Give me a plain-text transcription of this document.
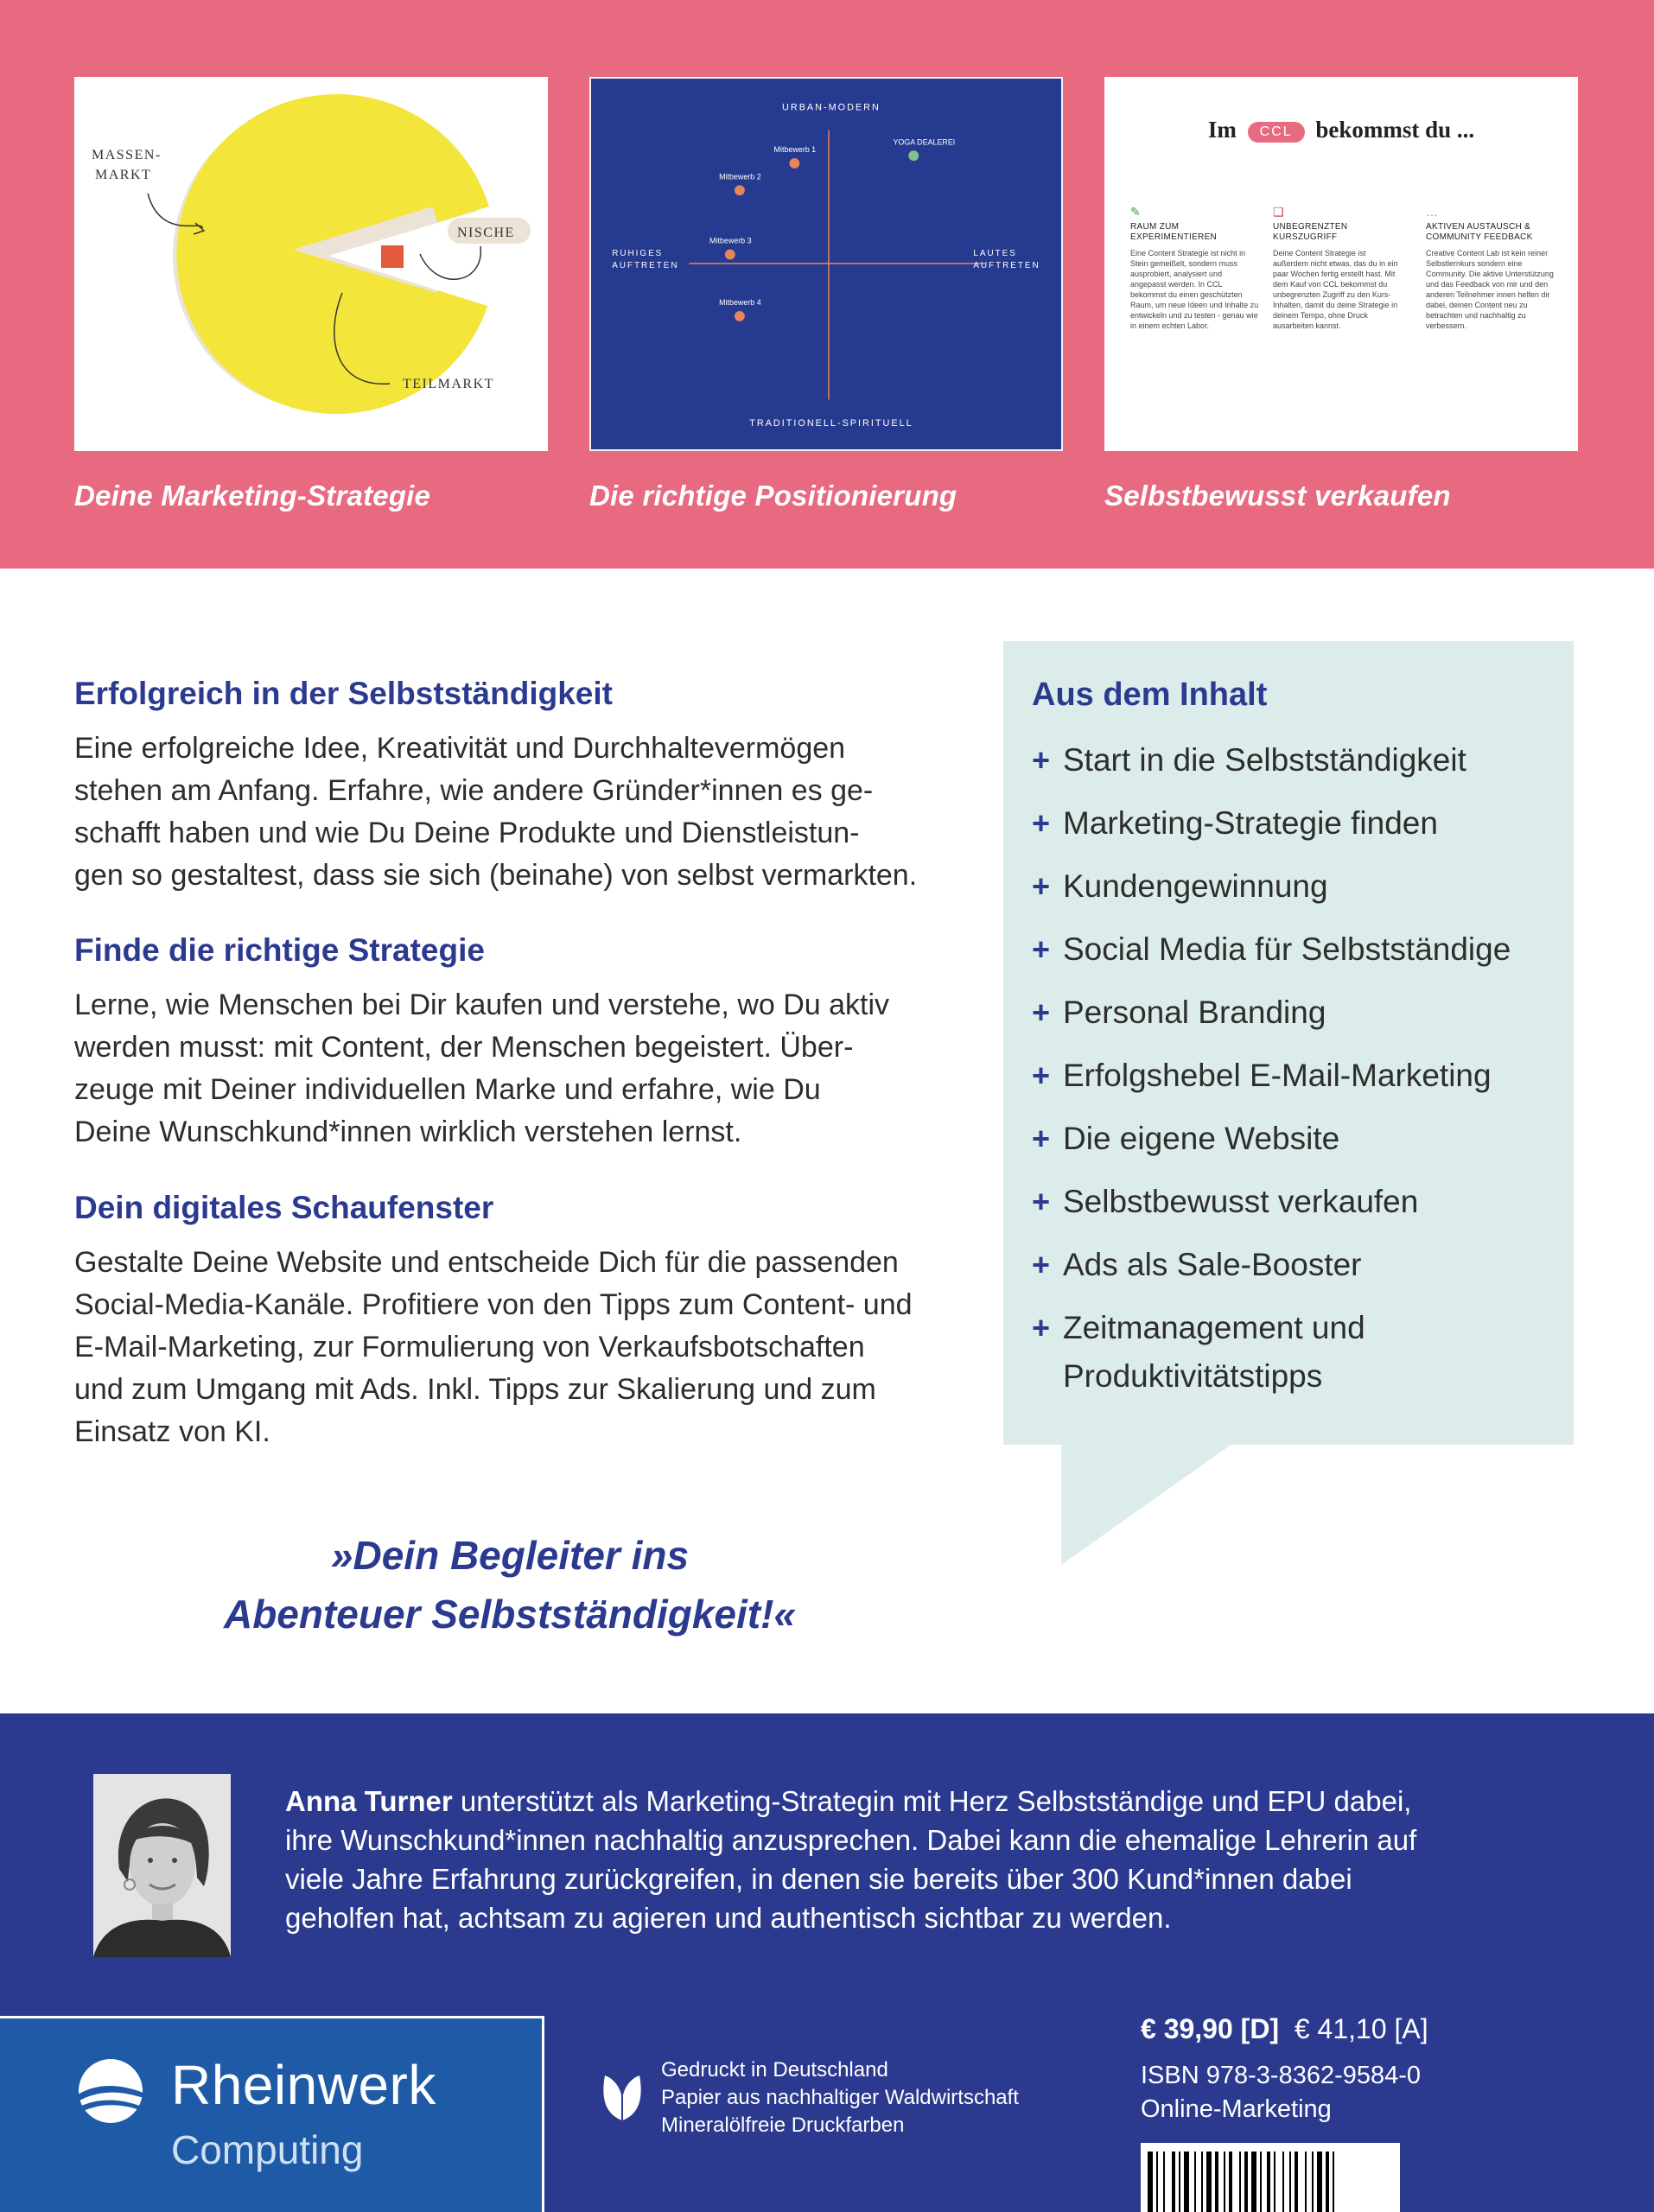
MASSEN-
MARKT
NISCHE
TEILMARKT
URBAN-MODERN
TRADITIONELL-SPIRITUELL
RUHIGES
AUFTRETEN
LAUTES
AUFTRETEN
Mitbewerb 1
Mitbewerb 2
Mitbewerb 3
Mitbewerb 4
YOGA DEALEREI	Im CCL bekommst du ...
✎
RAUM ZUM EXPERIMENTIEREN
Eine Content Strategie ist nicht in Stein gemeißelt, sondern muss ausprobiert, analysiert und angepasst werden. In CCL bekommst du einen geschützten Raum, um neue Ideen und Inhalte zu entwickeln und zu testen - genau wie in einem echten Labor.
❑
UNBEGRENZTEN KURSZUGRIFF
Deine Content Strategie ist außerdem nicht etwas, das du in ein paar Wochen fertig erstellt hast. Mit dem Kauf von CCL bekommst du unbegrenzten Zugriff zu den Kurs-Inhalten, damit du deine Strategie in deinem Tempo, ohne Druck ausarbeiten kannst.
…
AKTIVEN AUSTAUSCH & COMMUNITY FEEDBACK
Creative Content Lab ist kein reiner Selbstlernkurs sondern eine Community. Die aktive Unterstützung und das Feedback von mir und den anderen Teilnehmer innen helfen dir dabei, deinen Content neu zu betrachten und nachhaltig zu verbessern.
Deine Marketing-Strategie	Die richtige Positionierung	Selbstbewusst verkaufen
Erfolgreich in der Selbstständigkeit
Eine erfolgreiche Idee, Kreativität und Durchhaltevermögen
stehen am Anfang. Erfahre, wie andere Gründer*innen es ge-
schafft haben und wie Du Deine Produkte und Dienstleistun-
gen so gestaltest, dass sie sich (beinahe) von selbst vermarkten.
Finde die richtige Strategie
Lerne, wie Menschen bei Dir kaufen und verstehe, wo Du aktiv
werden musst: mit Content, der Menschen begeistert. Über-
zeuge mit Deiner individuellen Marke und erfahre, wie Du
Deine Wunschkund*innen wirklich verstehen lernst.
Dein digitales Schaufenster
Gestalte Deine Website und entscheide Dich für die passenden
Social-Media-Kanäle. Profitiere von den Tipps zum Content- und
E-Mail-Marketing, zur Formulierung von Verkaufsbotschaften
und zum Umgang mit Ads. Inkl. Tipps zur Skalierung und zum
Einsatz von KI.
»Dein Begleiter ins
Abenteuer Selbstständigkeit!«
Aus dem Inhalt
+ Start in die Selbstständigkeit
+ Marketing-Strategie finden
+ Kundengewinnung
+ Social Media für Selbstständige
+ Personal Branding
+ Erfolgshebel E-Mail-Marketing
+ Die eigene Website
+ Selbstbewusst verkaufen
+ Ads als Sale-Booster
+ Zeitmanagement und
Produktivitätstipps
Anna Turner unterstützt als Marketing-Strategin mit Herz Selbstständige und EPU dabei,
ihre Wunschkund*innen nachhaltig anzusprechen. Dabei kann die ehemalige Lehrerin auf
viele Jahre Erfahrung zurückgreifen, in denen sie bereits über 300 Kund*innen dabei
geholfen hat, achtsam zu agieren und authentisch sichtbar zu werden.
Rheinwerk
Computing
Gedruckt in Deutschland
Papier aus nachhaltiger Waldwirtschaft
Mineralölfreie Druckfarben
€ 39,90 [D] € 41,10 [A]
ISBN 978-3-8362-9584-0
Online-Marketing
